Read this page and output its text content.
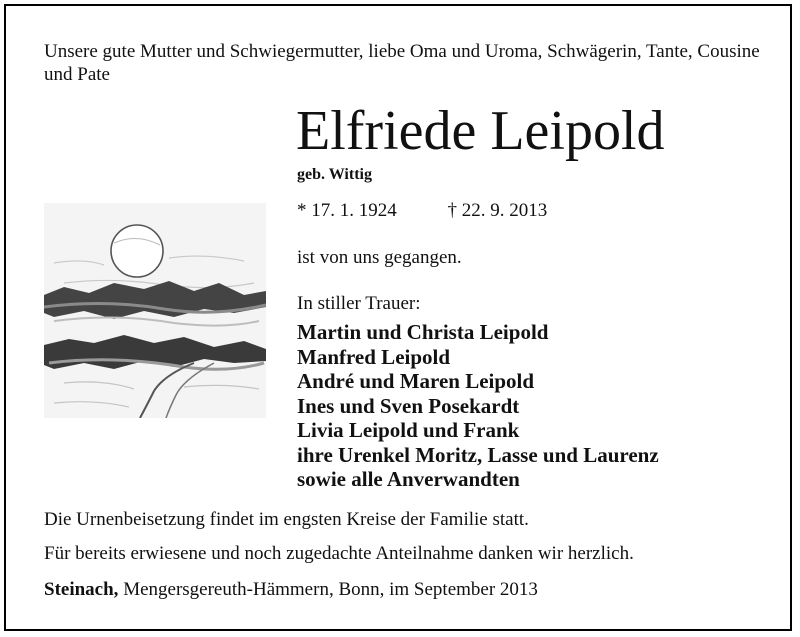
Unsere gute Mutter und Schwiegermutter, liebe Oma und Uroma, Schwägerin, Tante, Cousine und Pate
Elfriede Leipold
geb. Wittig
* 17. 1. 1924	† 22. 9. 2013
ist von uns gegangen.
In stiller Trauer:
Martin und Christa Leipold
Manfred Leipold
André und Maren Leipold
Ines und Sven Posekardt
Livia Leipold und Frank
ihre Urenkel Moritz, Lasse und Laurenz
sowie alle Anverwandten
Die Urnenbeisetzung findet im engsten Kreise der Familie statt.
Für bereits erwiesene und noch zugedachte Anteilnahme danken wir herzlich.
Steinach, Mengersgereuth-Hämmern, Bonn, im September 2013
